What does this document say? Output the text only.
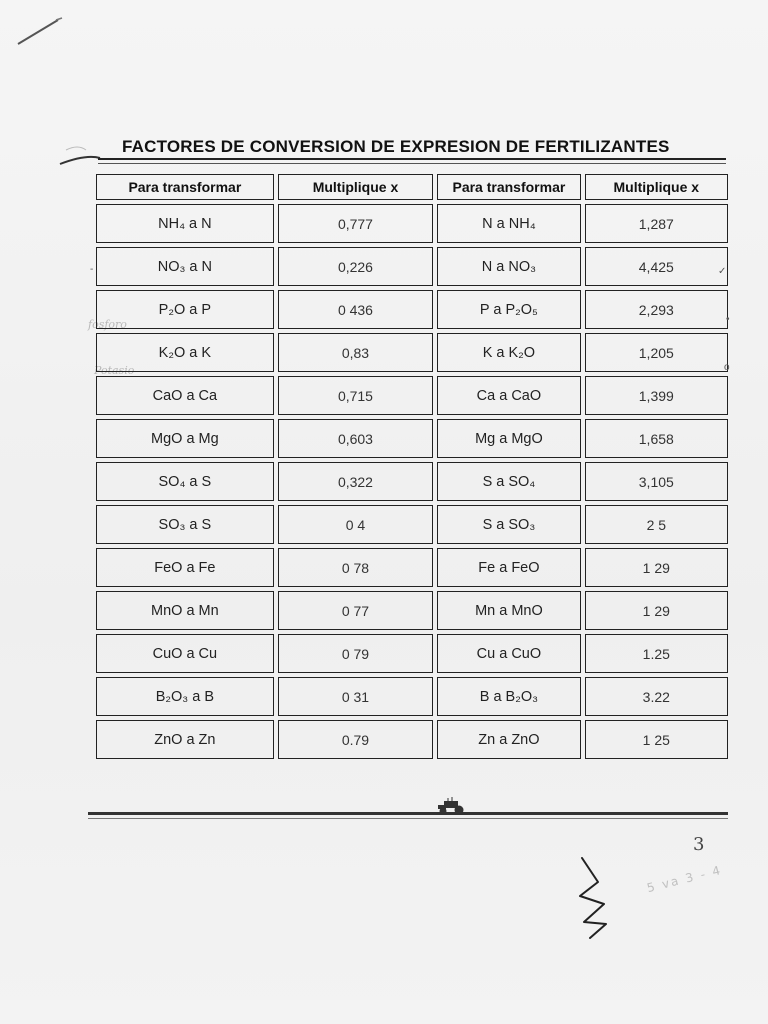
FACTORES DE CONVERSION DE EXPRESION DE FERTILIZANTES
fosforo
Potasio
Para transformar	Multiplique x	Para transformar	Multiplique x
NH₄ a N	0,777	N a NH₄	1,287
NO₃ a N	0,226	N a NO₃	4,425
P₂O a P	0 436	P a P₂O₅	2,293
K₂O a K	0,83	K a K₂O	1,205
CaO a Ca	0,715	Ca a CaO	1,399
MgO a Mg	0,603	Mg a MgO	1,658
SO₄ a S	0,322	S a SO₄	3,105
SO₃ a S	0 4	S a SO₃	2 5
FeO a Fe	0 78	Fe a FeO	1 29
MnO a Mn	0 77	Mn a MnO	1 29
CuO a Cu	0 79	Cu a CuO	1.25
B₂O₃ a B	0 31	B a B₂O₃	3.22
ZnO a Zn	0.79	Zn a ZnO	1 25
3
5 va 3 - 4
-	✓
•
o
